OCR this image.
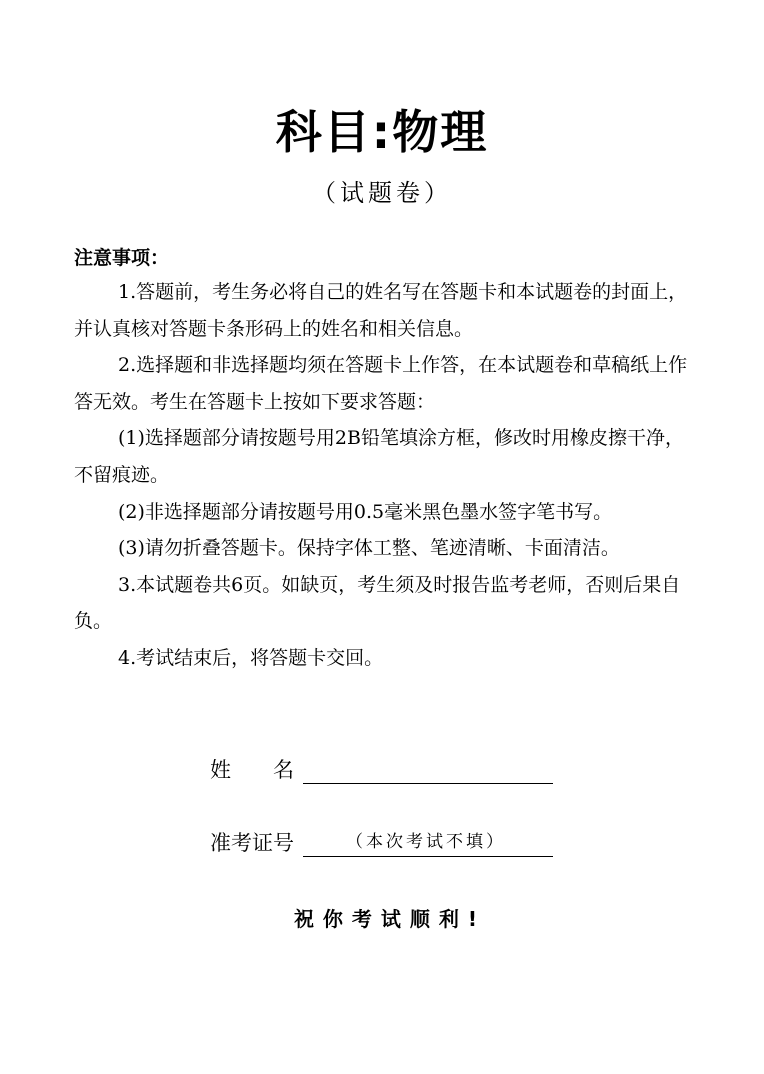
科目:物理
（试题卷）
注意事项：

1.答题前，考生务必将自己的姓名写在答题卡和本试题卷的封面上，并认真核对答题卡条形码上的姓名和相关信息。

2.选择题和非选择题均须在答题卡上作答，在本试题卷和草稿纸上作答无效。考生在答题卡上按如下要求答题：

(1)选择题部分请按题号用2B铅笔填涂方框，修改时用橡皮擦干净，不留痕迹。

(2)非选择题部分请按题号用0.5毫米黑色墨水签字笔书写。

(3)请勿折叠答题卡。保持字体工整、笔迹清晰、卡面清洁。

3.本试题卷共6页。如缺页，考生须及时报告监考老师，否则后果自负。

4.考试结束后，将答题卡交回。

姓　　名
准考证号	（本次考试不填）
祝你考试顺利!
